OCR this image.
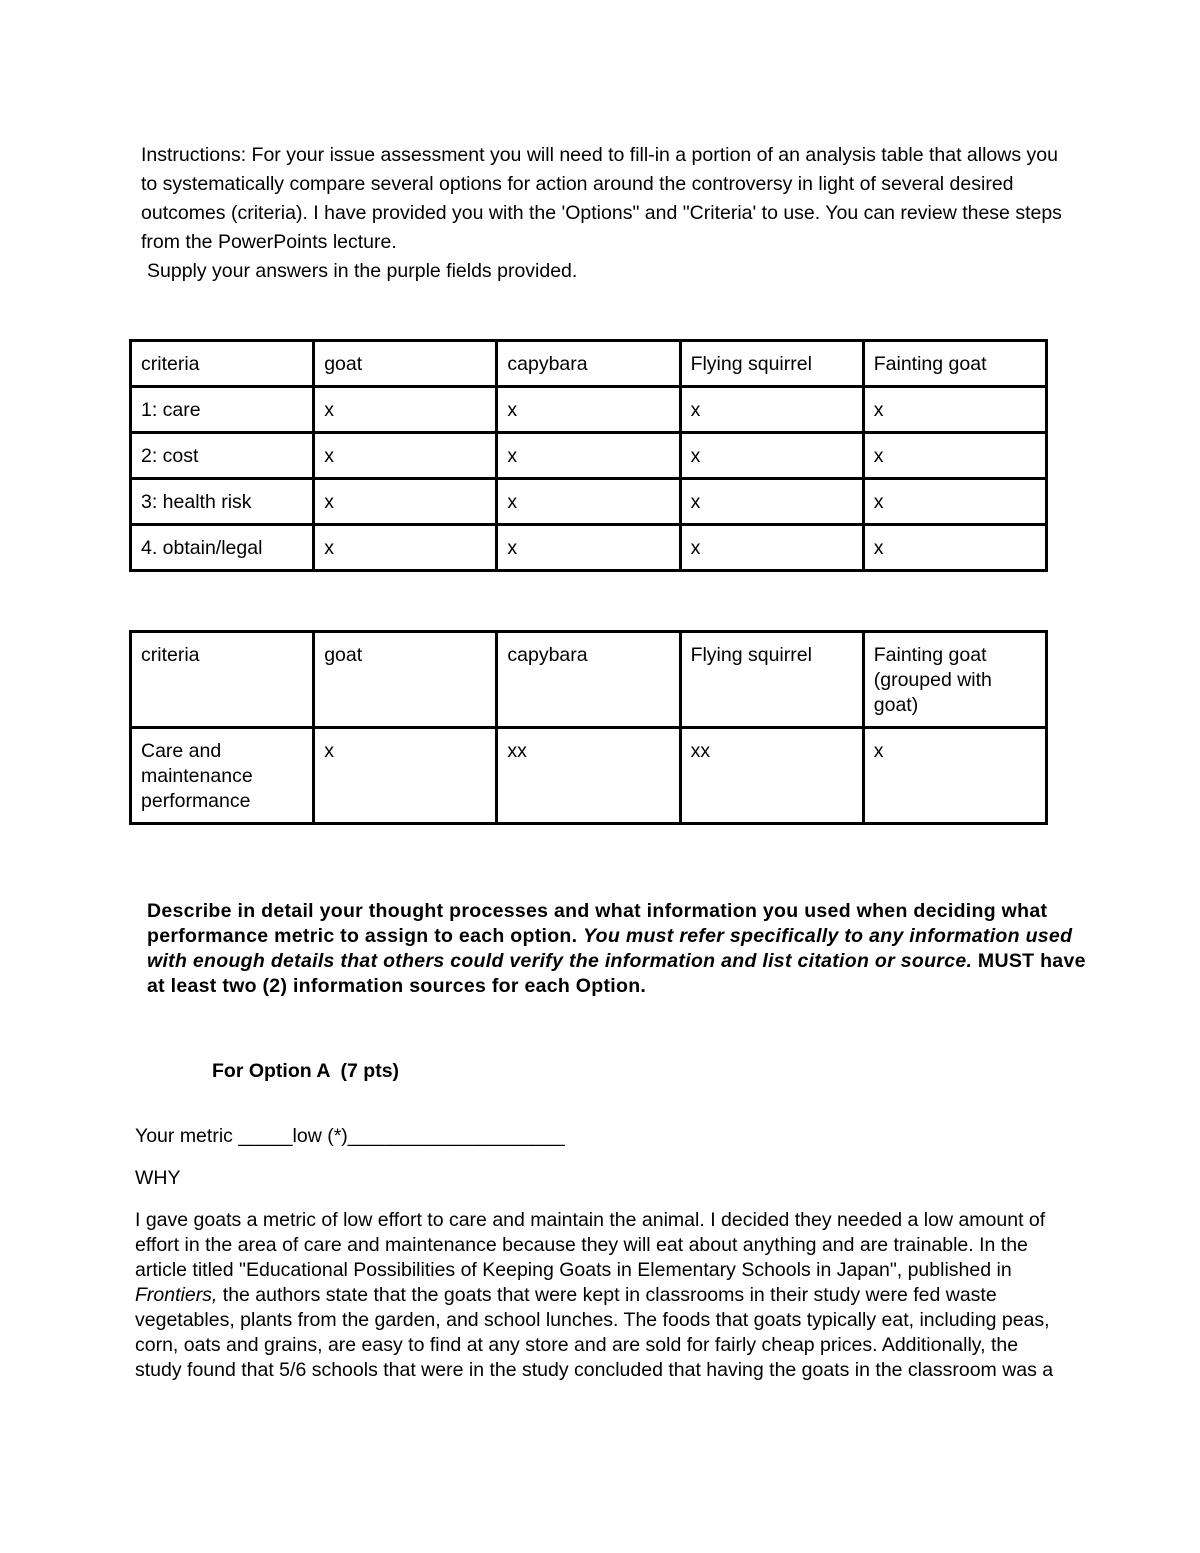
Instructions: For your issue assessment you will need to fill-in a portion of an analysis table that allows you to systematically compare several options for action around the controversy in light of several desired outcomes (criteria). I have provided you with the 'Options" and "Criteria' to use. You can review these steps from the PowerPoints lecture.

Supply your answers in the purple fields provided.

criteria	goat	capybara	Flying squirrel	Fainting goat
1: care	x	x	x	x
2: cost	x	x	x	x
3: health risk	x	x	x	x
4. obtain/legal	x	x	x	x
criteria	goat	capybara	Flying squirrel	Fainting goat (grouped with goat)
Care and maintenance performance	x	xx	xx	x

Describe in detail your thought processes and what information you used when deciding what performance metric to assign to each option. You must refer specifically to any information used with enough details that others could verify the information and list citation or source. MUST have at least two (2) information sources for each Option.

For Option A  (7 pts)
Your metric _____low (*)____________________
WHY

I gave goats a metric of low effort to care and maintain the animal. I decided they needed a low amount of effort in the area of care and maintenance because they will eat about anything and are trainable. In the article titled "Educational Possibilities of Keeping Goats in Elementary Schools in Japan", published in Frontiers, the authors state that the goats that were kept in classrooms in their study were fed waste vegetables, plants from the garden, and school lunches. The foods that goats typically eat, including peas, corn, oats and grains, are easy to find at any store and are sold for fairly cheap prices. Additionally, the study found that 5/6 schools that were in the study concluded that having the goats in the classroom was a
